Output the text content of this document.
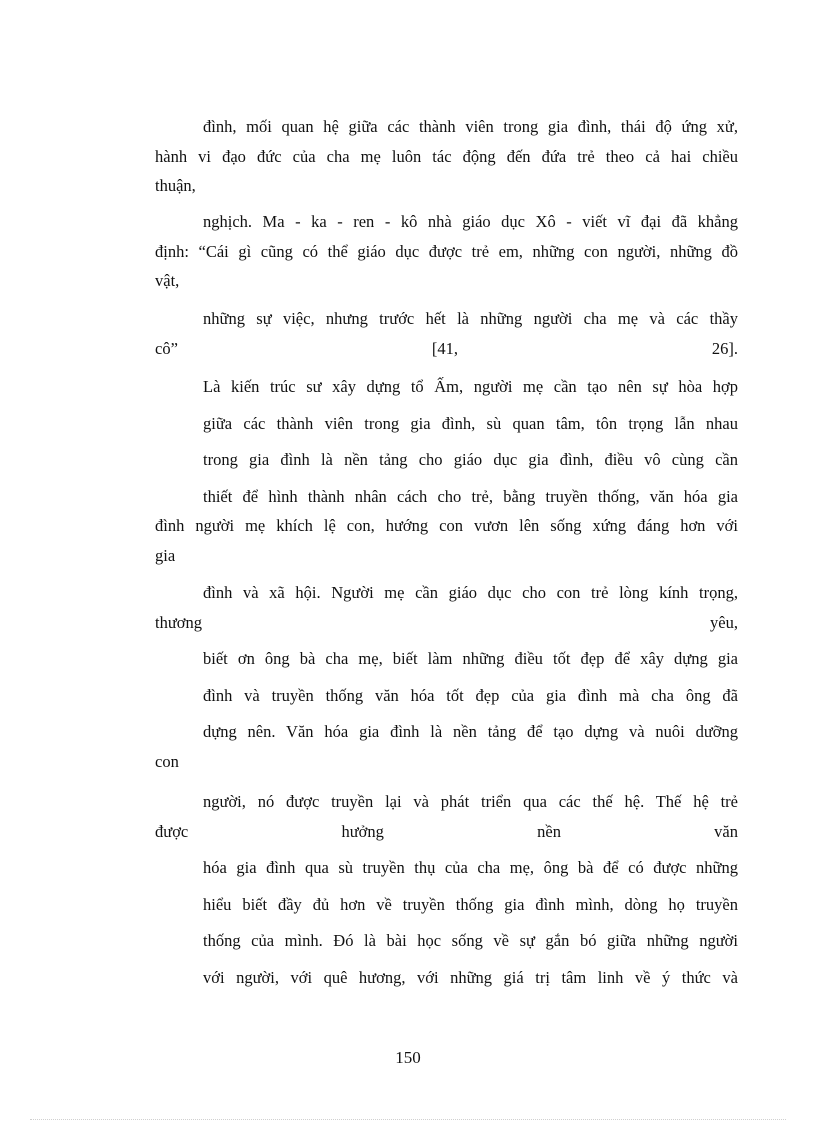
đình, mối quan hệ giữa các thành viên trong gia đình, thái độ ứng xử,
hành vi đạo đức của cha mẹ luôn tác động đến đứa trẻ theo cả hai chiều
thuận,
nghịch. Ma - ka - ren - kô nhà giáo dục Xô - viết vĩ đại đã khẳng
định: “Cái gì cũng có thể giáo dục được trẻ em, những con người, những đồ
vật,
những sự việc, nhưng trước hết là những người cha mẹ và các thầy
cô” [41, 26].
Là kiến trúc sư xây dựng tổ Ấm, người mẹ cần tạo nên sự hòa hợp
giữa các thành viên trong gia đình, sù quan tâm, tôn trọng lẫn nhau
trong gia đình là nền tảng cho giáo dục gia đình, điều vô cùng cần
thiết để hình thành nhân cách cho trẻ, bằng truyền thống, văn hóa gia
đình người mẹ khích lệ con, hướng con vươn lên sống xứng đáng hơn với
gia
đình và xã hội. Người mẹ cần giáo dục cho con trẻ lòng kính trọng,
thương yêu,
biết ơn ông bà cha mẹ, biết làm những điều tốt đẹp để xây dựng gia
đình và truyền thống văn hóa tốt đẹp của gia đình mà cha ông đã
dựng nên. Văn hóa gia đình là nền tảng để tạo dựng và nuôi dưỡng
con
người, nó được truyền lại và phát triển qua các thế hệ. Thế hệ trẻ
được hưởng nền văn
hóa gia đình qua sù truyền thụ của cha mẹ, ông bà để có được những
hiểu biết đầy đủ hơn về truyền thống gia đình mình, dòng họ truyền
thống của mình. Đó là bài học sống về sự gắn bó giữa những người
với người, với quê hương, với những giá trị tâm linh về ý thức và
150
